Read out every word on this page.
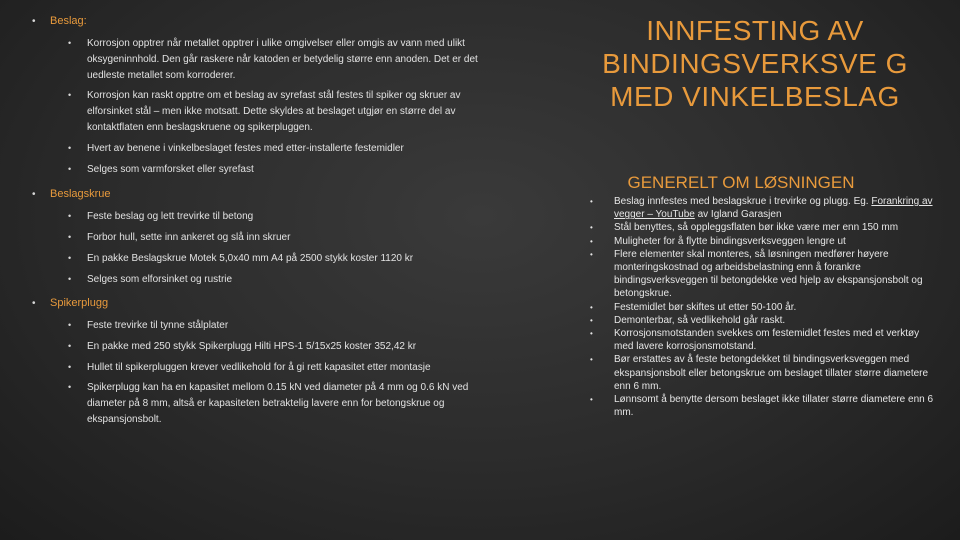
• Beslag:
• Korrosjon opptrer når metallet opptrer i ulike omgivelser eller omgis av vann med ulikt oksygeninnhold. Den går raskere når katoden er betydelig større enn anoden. Det er det uedleste metallet som korroderer.
• Korrosjon kan raskt opptre om et beslag av syrefast stål festes til spiker og skruer av elforsinket stål – men ikke motsatt. Dette skyldes at beslaget utgjør en større del av kontaktflaten enn beslagskruene og spikerpluggen.
• Hvert av benene i vinkelbeslaget festes med etter-installerte festemidler
• Selges som varmforsket eller syrefast
• Beslagskrue
• Feste beslag og lett trevirke til betong
• Forbor hull, sette inn ankeret og slå inn skruer
• En pakke Beslagskrue Motek 5,0x40 mm A4 på 2500 stykk koster 1120 kr
• Selges som elforsinket og rustrie
• Spikerplugg
• Feste trevirke til tynne stålplater
• En pakke med 250 stykk Spikerplugg Hilti HPS-1 5/15x25 koster 352,42 kr
• Hullet til spikerpluggen krever vedlikehold for å gi rett kapasitet etter montasje
• Spikerplugg kan ha en kapasitet mellom 0.15 kN ved diameter på 4 mm og 0.6 kN ved diameter på 8 mm, altså er kapasiteten betraktelig lavere enn for betongskrue og ekspansjonsbolt.
INNFESTING AV BINDINGSVERKSVE G MED VINKELBESLAG
GENERELT OM LØSNINGEN
• Beslag innfestes med beslagskrue i trevirke og plugg. Eg. Forankring av vegger – YouTube av Igland Garasjen
• Stål benyttes, så oppleggsflaten bør ikke være mer enn 150 mm
• Muligheter for å flytte bindingsverksveggen lengre ut
• Flere elementer skal monteres, så løsningen medfører høyere monteringskostnad og arbeidsbelastning enn å forankre bindingsverksveggen til betongdekke ved hjelp av ekspansjonsbolt og betongskrue.
• Festemidlet bør skiftes ut etter 50-100 år.
• Demonterbar, så vedlikehold går raskt.
• Korrosjonsmotstanden svekkes om festemidlet festes med et verktøy med lavere korrosjonsmotstand.
• Bør erstattes av å feste betongdekket til bindingsverksveggen med ekspansjonsbolt eller betongskrue om beslaget tillater større diametere enn 6 mm.
• Lønnsomt å benytte dersom beslaget ikke tillater større diametere enn 6 mm.
